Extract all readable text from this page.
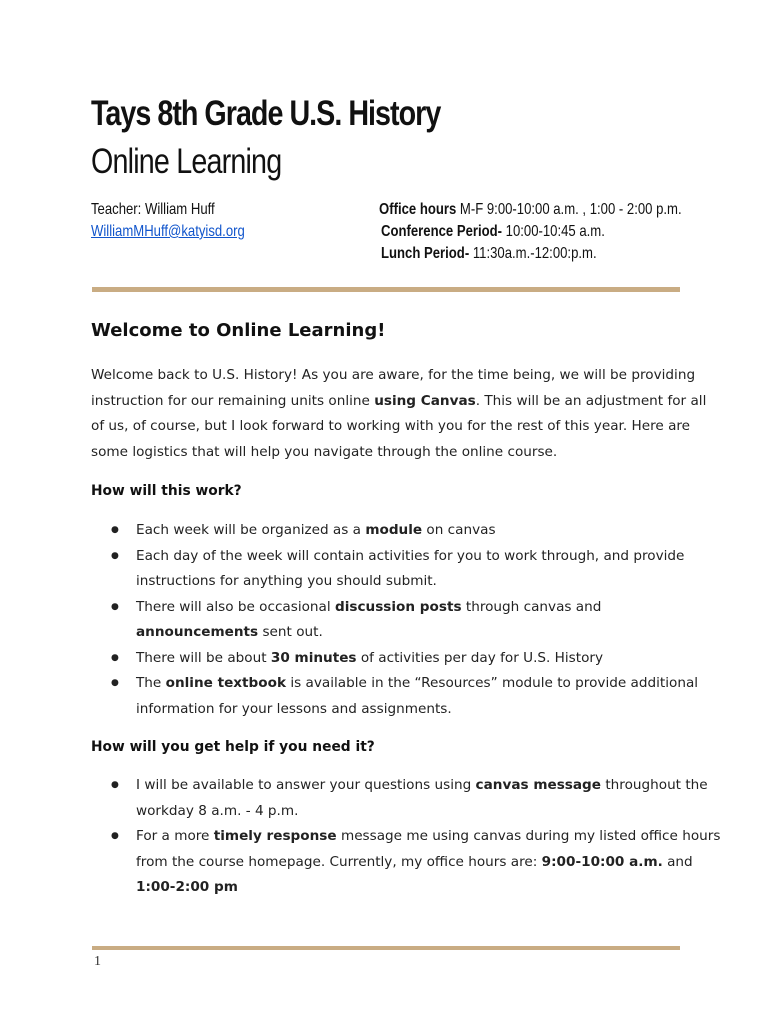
Tays 8th Grade U.S. History
Online Learning
Teacher: William Huff
WilliamMHuff@katyisd.org
Office hours M-F 9:00-10:00 a.m. , 1:00 - 2:00 p.m.
Conference Period- 10:00-10:45 a.m.
Lunch Period- 11:30a.m.-12:00:p.m.
Welcome to Online Learning!

Welcome back to U.S. History! As you are aware, for the time being, we will be providing

instruction for our remaining units online using Canvas. This will be an adjustment for all

of us, of course, but I look forward to working with you for the rest of this year. Here are

some logistics that will help you navigate through the online course.

How will this work?
● Each week will be organized as a module on canvas
● Each day of the week will contain activities for you to work through, and provide
instructions for anything you should submit.
● There will also be occasional discussion posts through canvas and
announcements sent out.
● There will be about 30 minutes of activities per day for U.S. History
● The online textbook is available in the “Resources” module to provide additional
information for your lessons and assignments.
How will you get help if you need it?
● I will be available to answer your questions using canvas message throughout the
workday 8 a.m. - 4 p.m.
● For a more timely response message me using canvas during my listed office hours
from the course homepage. Currently, my office hours are: 9:00-10:00 a.m. and
1:00-2:00 pm
1
